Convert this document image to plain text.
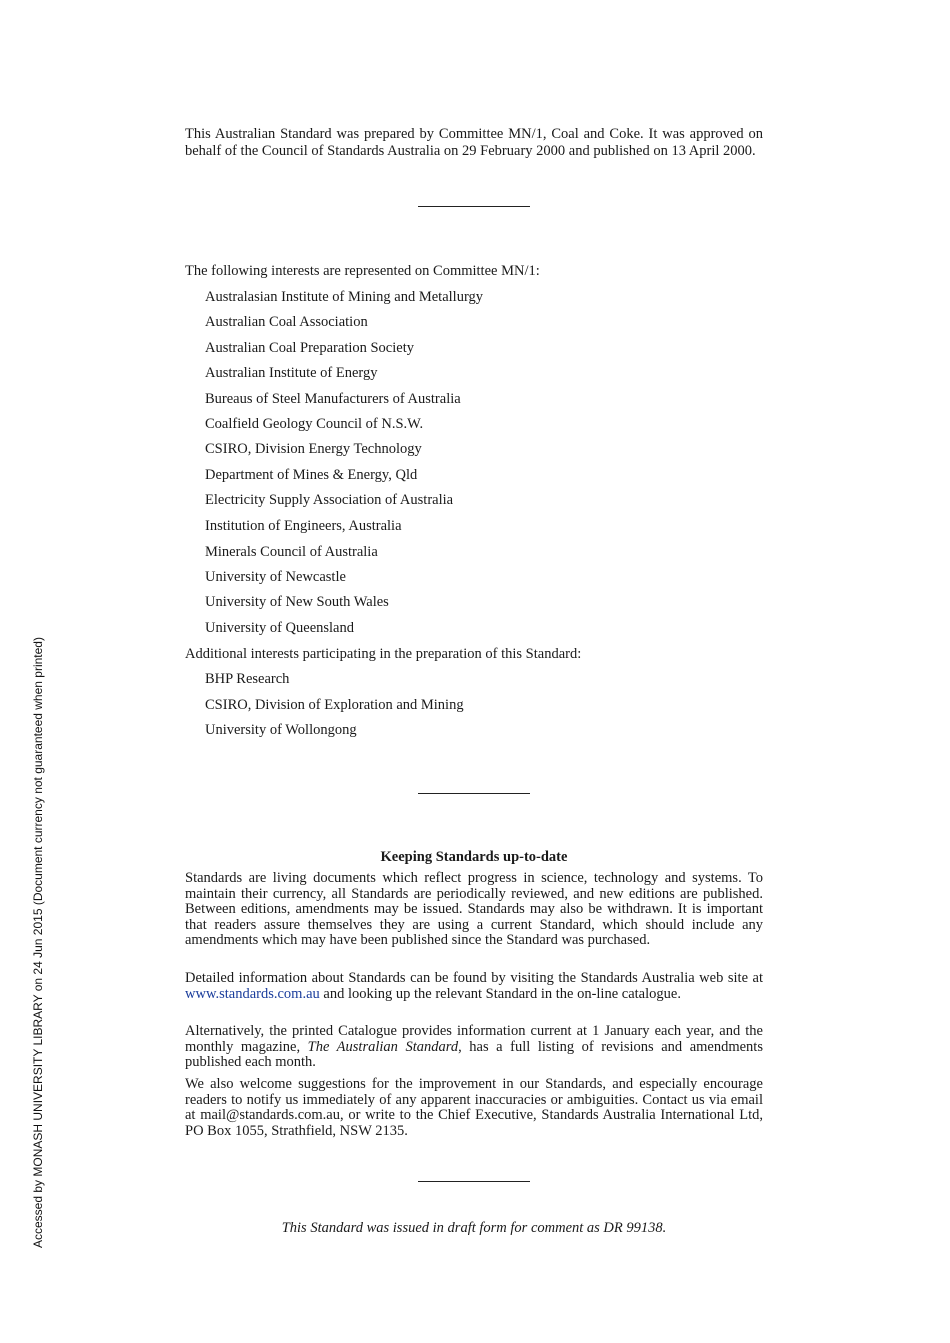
This Australian Standard was prepared by Committee MN/1, Coal and Coke. It was approved on behalf of the Council of Standards Australia on 29 February 2000 and published on 13 April 2000.
The following interests are represented on Committee MN/1:
Australasian Institute of Mining and Metallurgy
Australian Coal Association
Australian Coal Preparation Society
Australian Institute of Energy
Bureaus of Steel Manufacturers of Australia
Coalfield Geology Council of N.S.W.
CSIRO, Division Energy Technology
Department of Mines & Energy, Qld
Electricity Supply Association of Australia
Institution of Engineers, Australia
Minerals Council of Australia
University of Newcastle
University of New South Wales
University of Queensland
Additional interests participating in the preparation of this Standard:
BHP Research
CSIRO, Division of Exploration and Mining
University of Wollongong
Keeping Standards up-to-date

Standards are living documents which reflect progress in science, technology and systems. To maintain their currency, all Standards are periodically reviewed, and new editions are published. Between editions, amendments may be issued. Standards may also be withdrawn. It is important that readers assure themselves they are using a current Standard, which should include any amendments which may have been published since the Standard was purchased.

Detailed information about Standards can be found by visiting the Standards Australia web site at www.standards.com.au and looking up the relevant Standard in the on-line catalogue.

Alternatively, the printed Catalogue provides information current at 1 January each year, and the monthly magazine, The Australian Standard, has a full listing of revisions and amendments published each month.

We also welcome suggestions for the improvement in our Standards, and especially encourage readers to notify us immediately of any apparent inaccuracies or ambiguities. Contact us via email at mail@standards.com.au, or write to the Chief Executive, Standards Australia International Ltd, PO Box 1055, Strathfield, NSW 2135.

This Standard was issued in draft form for comment as DR 99138.
Accessed by MONASH UNIVERSITY LIBRARY on 24 Jun 2015 (Document currency not guaranteed when printed)
